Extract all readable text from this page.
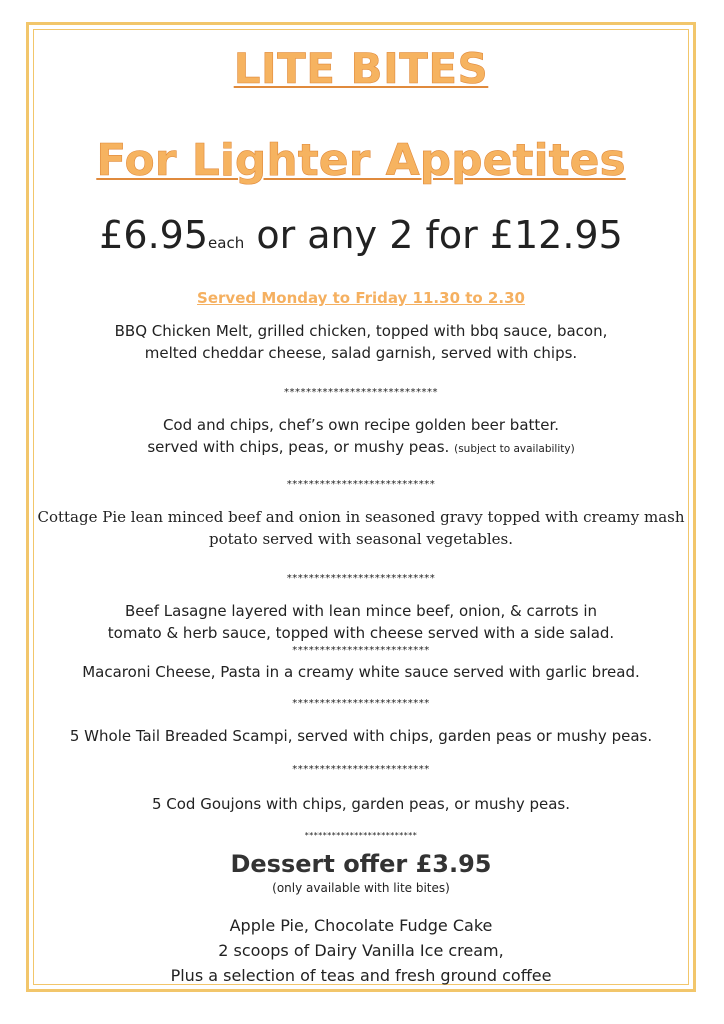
LITE BITES
For Lighter Appetites
£6.95each or any 2 for £12.95
Served Monday to Friday 11.30 to 2.30
BBQ Chicken Melt, grilled chicken, topped with bbq sauce, bacon,
melted cheddar cheese, salad garnish, served with chips.
****************************
Cod and chips, chef’s own recipe golden beer batter.
served with chips, peas, or mushy peas. (subject to availability)
***************************
Cottage Pie lean minced beef and onion in seasoned gravy topped with creamy mash
potato served with seasonal vegetables.
***************************
Beef Lasagne layered with lean mince beef, onion, & carrots in
tomato & herb sauce, topped with cheese served with a side salad.
*************************
Macaroni Cheese, Pasta in a creamy white sauce served with garlic bread.
*************************
5 Whole Tail Breaded Scampi, served with chips, garden peas or mushy peas.
*************************
5 Cod Goujons with chips, garden peas, or mushy peas.
*************************
Dessert offer £3.95
(only available with lite bites)
Apple Pie, Chocolate Fudge Cake
2 scoops of Dairy Vanilla Ice cream,
Plus a selection of teas and fresh ground coffee
